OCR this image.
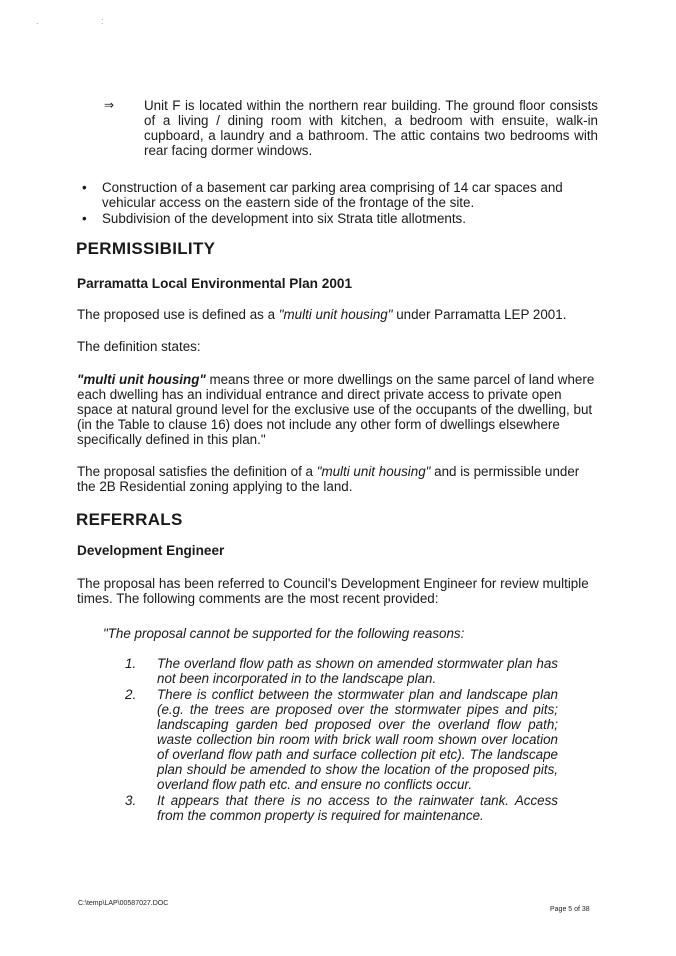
. :
⇒ Unit F is located within the northern rear building. The ground floor consists of a living / dining room with kitchen, a bedroom with ensuite, walk-in cupboard, a laundry and a bathroom. The attic contains two bedrooms with rear facing dormer windows.
• Construction of a basement car parking area comprising of 14 car spaces and vehicular access on the eastern side of the frontage of the site.
• Subdivision of the development into six Strata title allotments.
PERMISSIBILITY
Parramatta Local Environmental Plan 2001
The proposed use is defined as a "multi unit housing" under Parramatta LEP 2001.
The definition states:
"multi unit housing" means three or more dwellings on the same parcel of land where each dwelling has an individual entrance and direct private access to private open space at natural ground level for the exclusive use of the occupants of the dwelling, but (in the Table to clause 16) does not include any other form of dwellings elsewhere specifically defined in this plan."
The proposal satisfies the definition of a "multi unit housing" and is permissible under the 2B Residential zoning applying to the land.
REFERRALS
Development Engineer
The proposal has been referred to Council's Development Engineer for review multiple times. The following comments are the most recent provided:
"The proposal cannot be supported for the following reasons:
1. The overland flow path as shown on amended stormwater plan has not been incorporated in to the landscape plan.
2. There is conflict between the stormwater plan and landscape plan (e.g. the trees are proposed over the stormwater pipes and pits; landscaping garden bed proposed over the overland flow path; waste collection bin room with brick wall room shown over location of overland flow path and surface collection pit etc). The landscape plan should be amended to show the location of the proposed pits, overland flow path etc. and ensure no conflicts occur.
3. It appears that there is no access to the rainwater tank. Access from the common property is required for maintenance.
C:\temp\LAP\00587027.DOC
Page 5 of 38
